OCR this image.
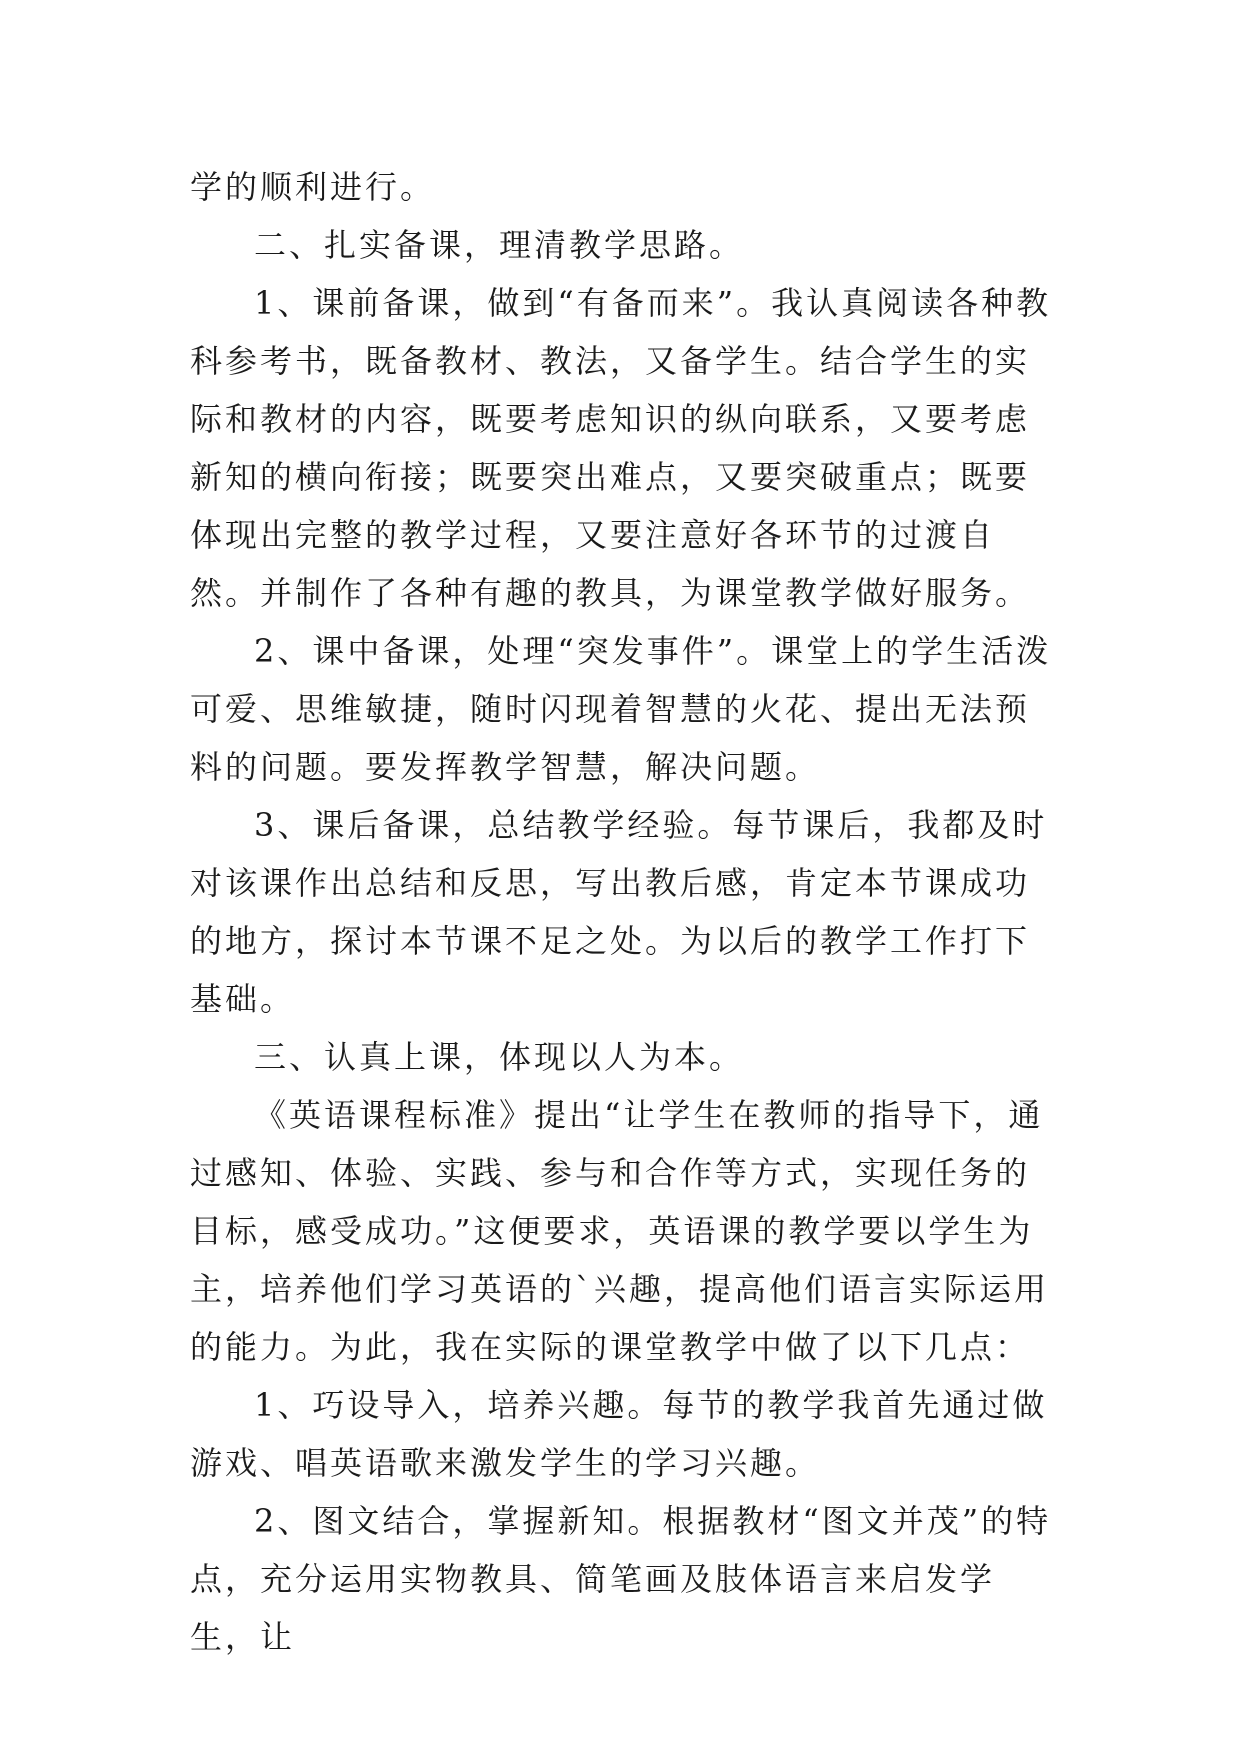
学的顺利进行。

二、扎实备课，理清教学思路。

1、课前备课，做到“有备而来”。我认真阅读各种教科参考书，既备教材、教法，又备学生。结合学生的实际和教材的内容，既要考虑知识的纵向联系，又要考虑新知的横向衔接；既要突出难点，又要突破重点；既要体现出完整的教学过程，又要注意好各环节的过渡自然。并制作了各种有趣的教具，为课堂教学做好服务。

2、课中备课，处理“突发事件”。课堂上的学生活泼可爱、思维敏捷，随时闪现着智慧的火花、提出无法预料的问题。要发挥教学智慧，解决问题。

3、课后备课，总结教学经验。每节课后，我都及时对该课作出总结和反思，写出教后感，肯定本节课成功的地方，探讨本节课不足之处。为以后的教学工作打下基础。

三、认真上课，体现以人为本。

《英语课程标准》提出“让学生在教师的指导下，通过感知、体验、实践、参与和合作等方式，实现任务的目标，感受成功。”这便要求，英语课的教学要以学生为主，培养他们学习英语的`兴趣，提高他们语言实际运用的能力。为此，我在实际的课堂教学中做了以下几点：

1、巧设导入，培养兴趣。每节的教学我首先通过做游戏、唱英语歌来激发学生的学习兴趣。

2、图文结合，掌握新知。根据教材“图文并茂”的特点，充分运用实物教具、简笔画及肢体语言来启发学生，让
